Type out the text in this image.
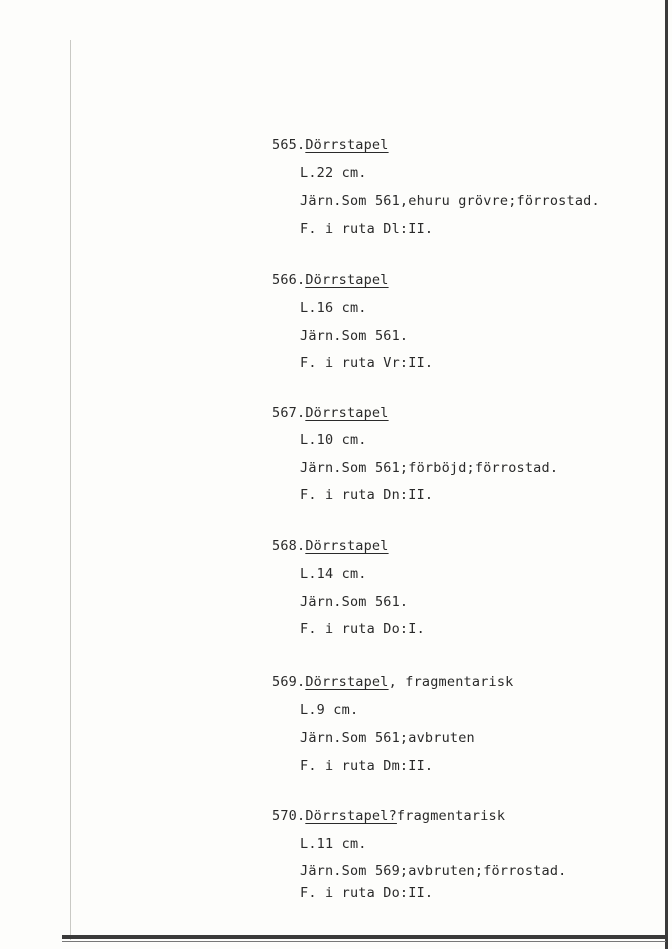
565.Dörrstapel
L.22 cm.
Järn.Som 561,ehuru grövre;förrostad.
F. i ruta Dl:II.
566.Dörrstapel
L.16 cm.
Järn.Som 561.
F. i ruta Vr:II.
567.Dörrstapel
L.10 cm.
Järn.Som 561;förböjd;förrostad.
F. i ruta Dn:II.
568.Dörrstapel
L.14 cm.
Järn.Som 561.
F. i ruta Do:I.
569.Dörrstapel, fragmentarisk
L.9 cm.
Järn.Som 561;avbruten
F. i ruta Dm:II.
570.Dörrstapel?fragmentarisk
L.11 cm.
Järn.Som 569;avbruten;förrostad.
F. i ruta Do:II.
